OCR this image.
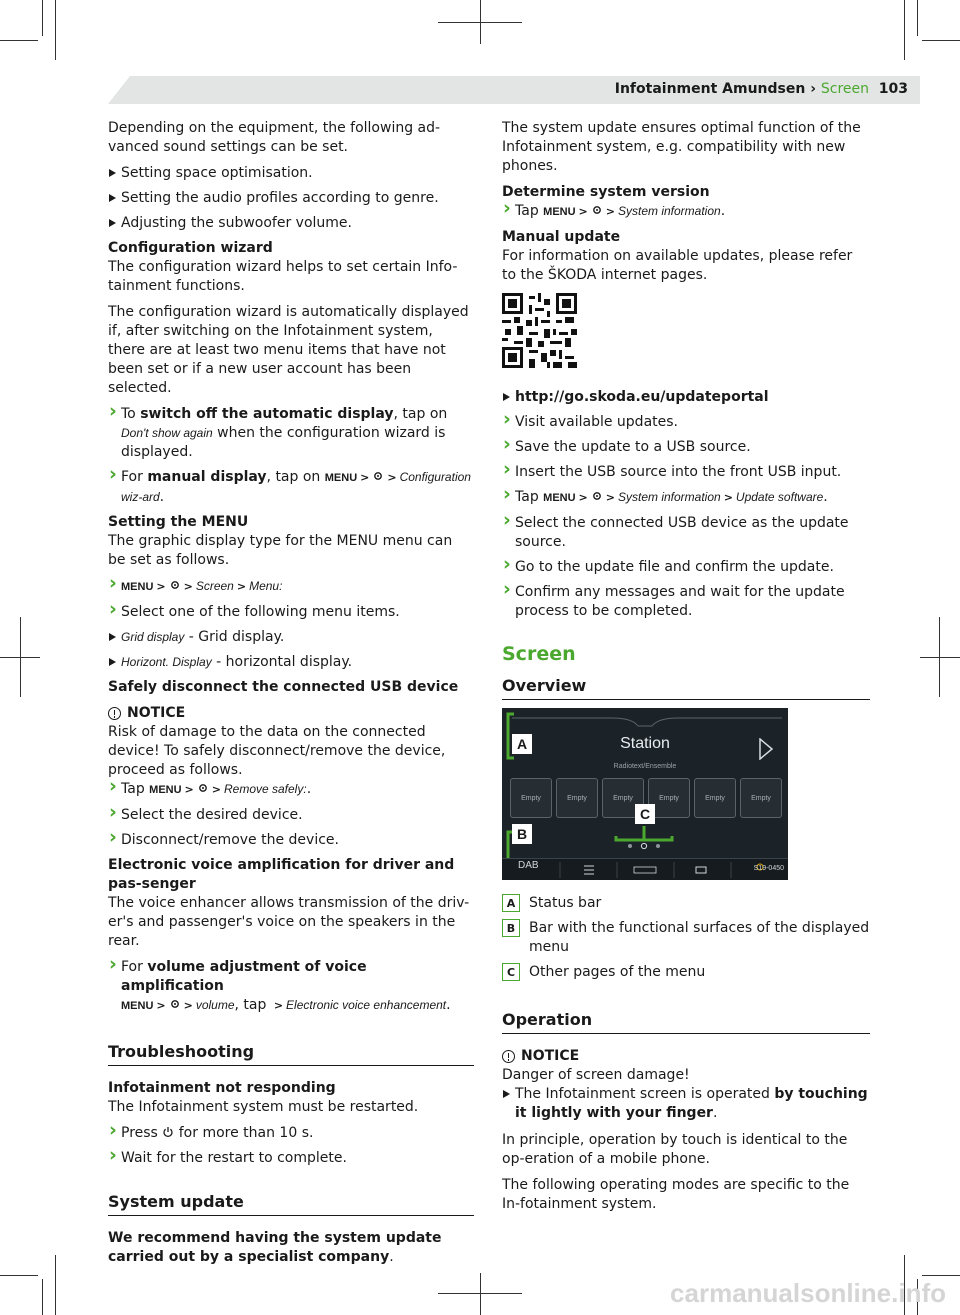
Infotainment Amundsen › Screen 103

Depending on the equipment, the following ad-vanced sound settings can be set.

Setting space optimisation.
Setting the audio profiles according to genre.
Adjusting the subwoofer volume.
Configuration wizard

The configuration wizard helps to set certain Info-tainment functions.

The configuration wizard is automatically displayed if, after switching on the Infotainment system, there are at least two menu items that have not been set or if a new user account has been selected.

› To switch off the automatic display, tap on Don't show again when the configuration wizard is displayed.
› For manual display, tap on MENU > > Configuration wiz-ard.
Setting the MENU

The graphic display type for the MENU menu can be set as follows.

› MENU > > Screen > Menu:
› Select one of the following menu items.
Grid display - Grid display.
Horizont. Display - horizontal display.

Safely disconnect the connected USB device

NOTICE
Risk of damage to the data on the connected device! To safely disconnect/remove the device, proceed as follows.
› Tap MENU > > Remove safely:.
› Select the desired device.
› Disconnect/remove the device.
Electronic voice amplification for driver and pas-senger

The voice enhancer allows transmission of the driv-er's and passenger's voice on the speakers in the rear.

› For volume adjustment of voice amplification
MENU > > volume, tap > Electronic voice enhancement.
Troubleshooting
Infotainment not responding

The Infotainment system must be restarted.

› Press  for more than 10 s.
› Wait for the restart to complete.
System update

We recommend having the system update carried out by a specialist company.

The system update ensures optimal function of the Infotainment system, e.g. compatibility with new phones.

Determine system version
› Tap MENU > > System information.
Manual update
For information on available updates, please refer to the ŠKODA internet pages.
http://go.skoda.eu/updateportal
› Visit available updates.
› Save the update to a USB source.
› Insert the USB source into the front USB input.
› Tap MENU > > System information > Update software.
› Select the connected USB device as the update source.
› Go to the update file and confirm the update.
› Confirm any messages and wait for the update process to be completed.
Screen
Overview
Station
Radiotext/Ensemble
Empty	Empty	Empty	Empty	Empty	Empty
A
B
C
DAB	S19-0450
A Status bar
B Bar with the functional surfaces of the displayed menu
C Other pages of the menu
Operation
NOTICE
Danger of screen damage!
The Infotainment screen is operated by touching it lightly with your finger.

In principle, operation by touch is identical to the op-eration of a mobile phone.

The following operating modes are specific to the In-fotainment system.

carmanualsonline.info
